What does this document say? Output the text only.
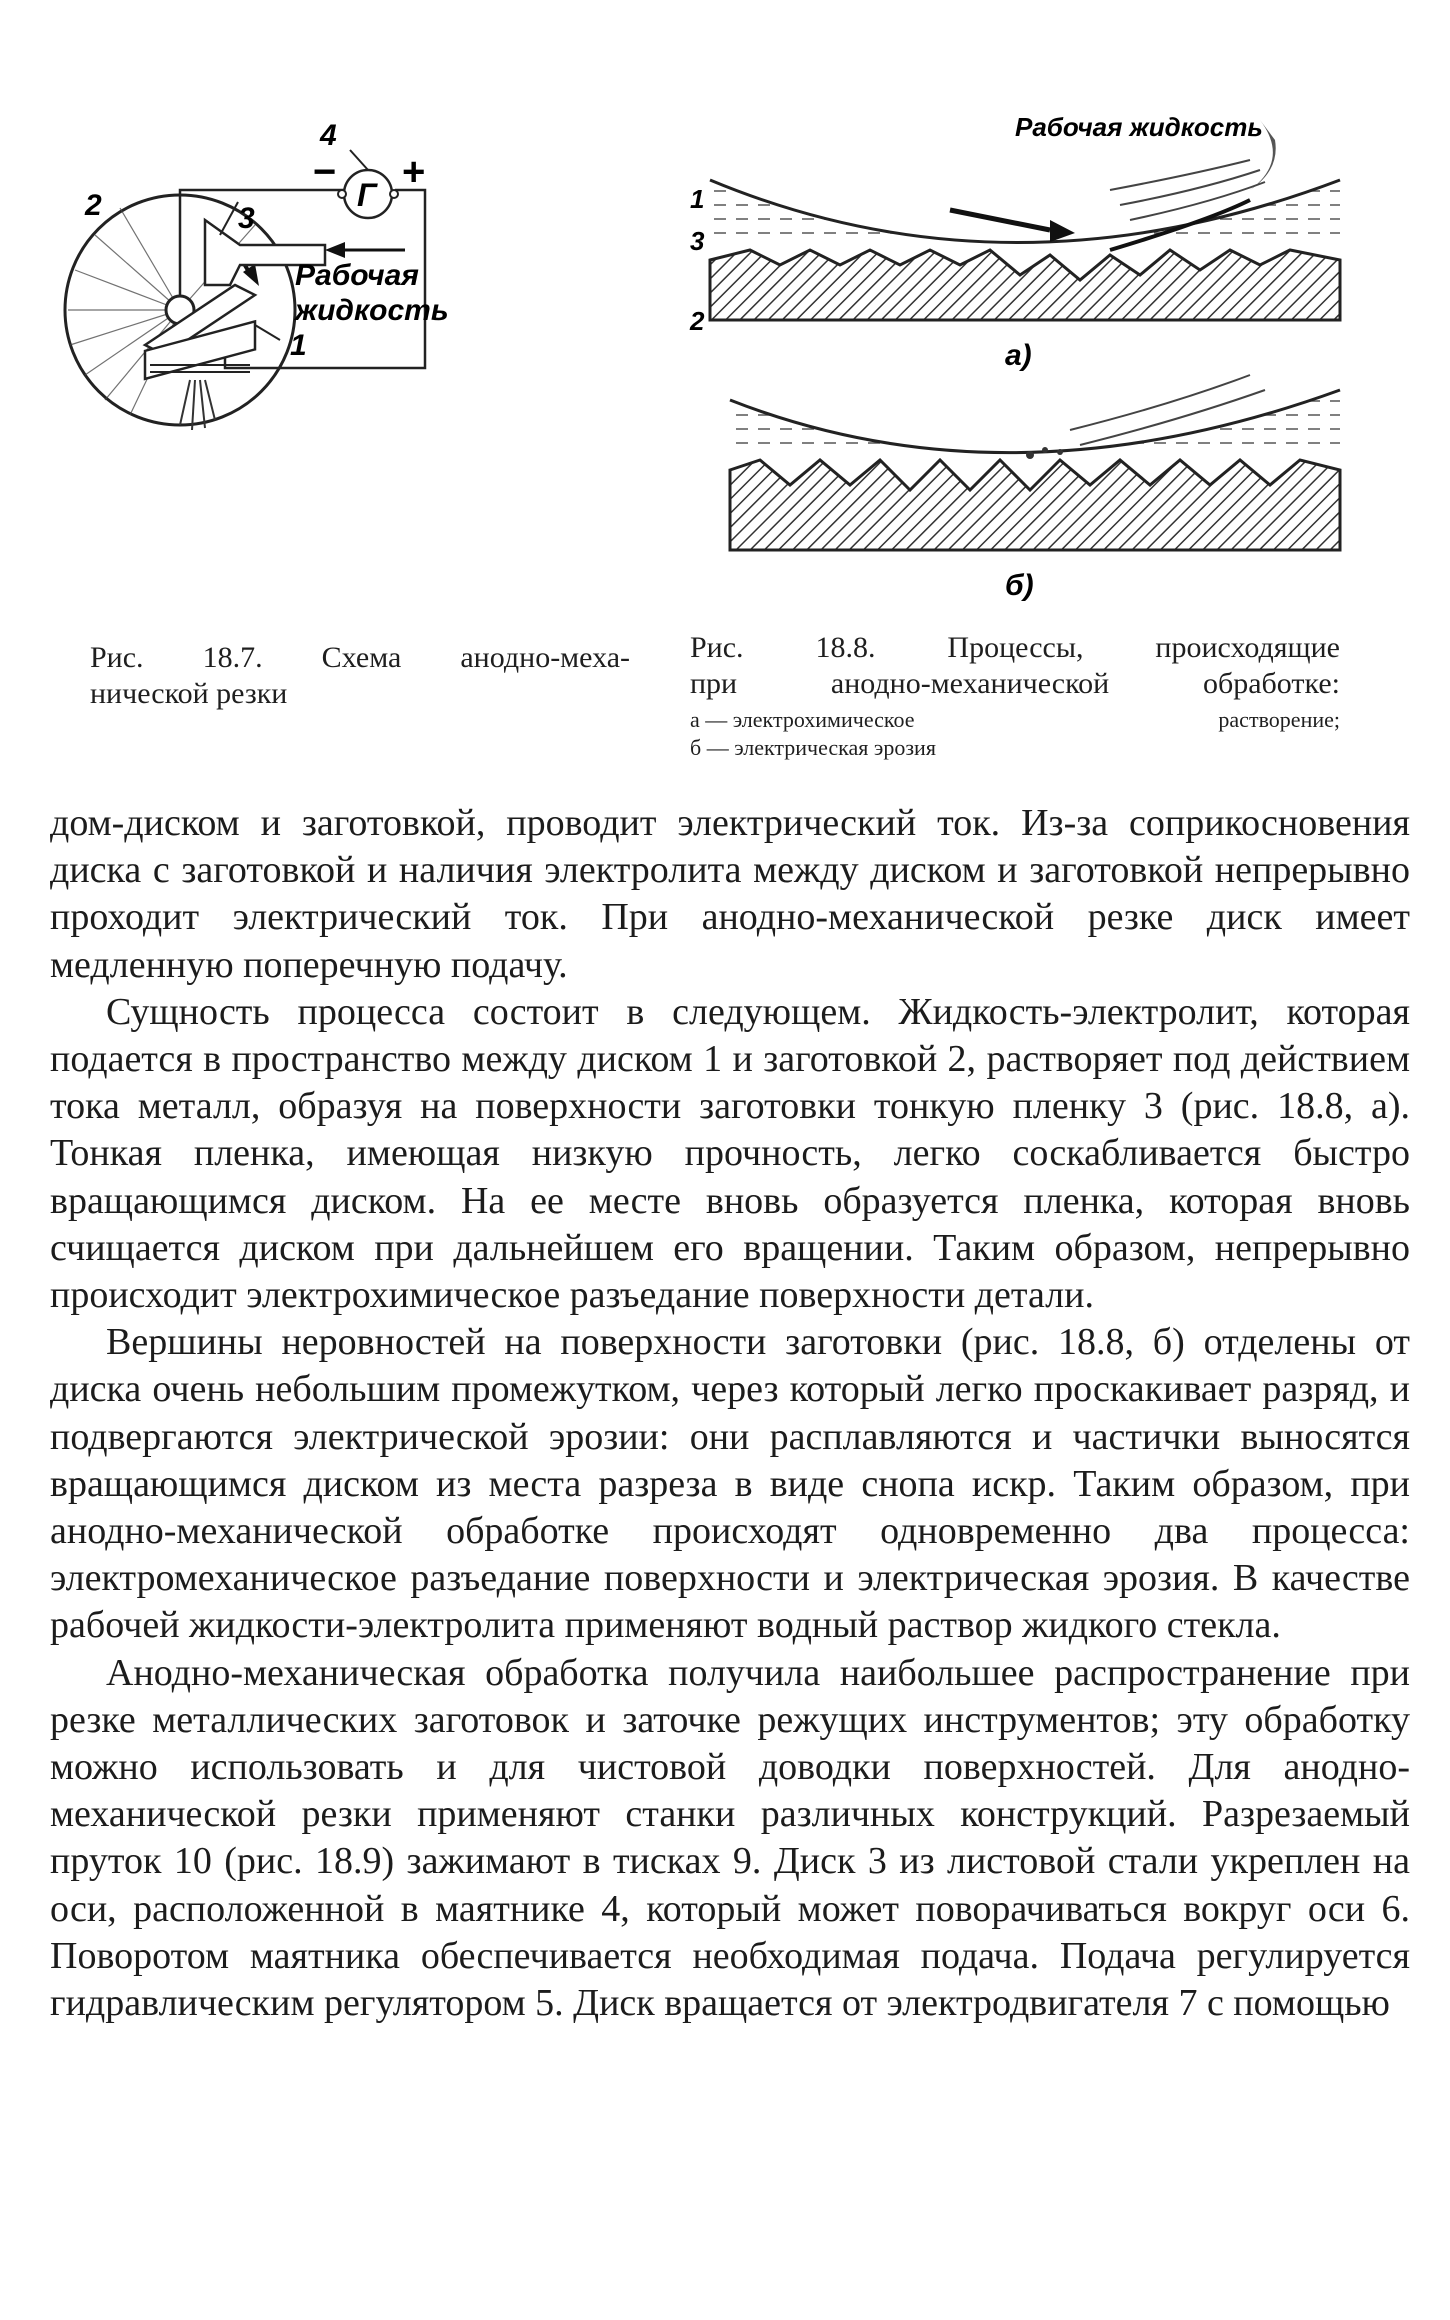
2	3
4
1
− +
Г
Рабочая
жидкость
Рабочая жидкость
1
3
2
а)
б)
Рис. 18.7. Схема анодно-меха-
нической резки
Рис. 18.8. Процессы, происходящие
при анодно-механической обработке:
а — электрохимическое	растворение;
б — электрическая эрозия

дом-диском и заготовкой, проводит электрический ток. Из-за соприкосновения диска с заготовкой и наличия электролита между диском и заготовкой непрерывно проходит электрический ток. При анодно-механической резке диск имеет медленную поперечную подачу.

Сущность процесса состоит в следующем. Жидкость-электролит, которая подается в пространство между диском 1 и заготовкой 2, растворяет под действием тока металл, образуя на поверхности заготовки тонкую пленку 3 (рис. 18.8, а). Тонкая пленка, имеющая низкую прочность, легко соскабливается быстро вращающимся диском. На ее месте вновь образуется пленка, которая вновь счищается диском при дальнейшем его вращении. Таким образом, непрерывно происходит электрохимическое разъедание поверхности детали.

Вершины неровностей на поверхности заготовки (рис. 18.8, б) отделены от диска очень небольшим промежутком, через который легко проскакивает разряд, и подвергаются электрической эрозии: они расплавляются и частички выносятся вращающимся диском из места разреза в виде снопа искр. Таким образом, при анодно-механической обработке происходят одновременно два процесса: электромеханическое разъедание поверхности и электрическая эрозия. В качестве рабочей жидкости-электролита применяют водный раствор жидкого стекла.

Анодно-механическая обработка получила наибольшее распространение при резке металлических заготовок и заточке режущих инструментов; эту обработку можно использовать и для чистовой доводки поверхностей. Для анодно-механической резки применяют станки различных конструкций. Разрезаемый пруток 10 (рис. 18.9) зажимают в тисках 9. Диск 3 из листовой стали укреплен на оси, расположенной в маятнике 4, который может поворачиваться вокруг оси 6. Поворотом маятника обеспечивается необходимая подача. Подача регулируется гидравлическим регулятором 5. Диск вращается от электродвигателя 7 с помощью
